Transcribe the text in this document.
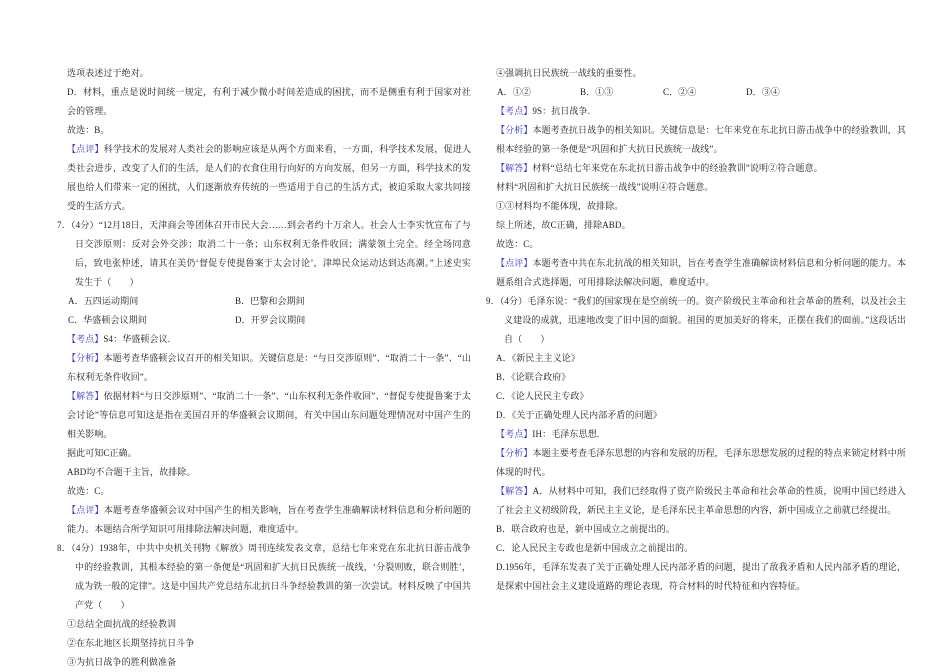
选项表述过于绝对。

D．材料，重点是说时间统一规定，有利于减少微小时间差造成的困扰，而不是侧重有利于国家对社会的管理。

故选：B。

【点评】科学技术的发展对人类社会的影响应该是从两个方面来看，一方面，科学技术发展，促进人类社会进步，改变了人们的生活，是人们的衣食住用行向好的方向发展，但另一方面，科学技术的发展也给人们带来一定的困扰，人们逐渐放弃传统的一些适用于自己的生活方式，被迫采取大家共同接受的生活方式。

7．（4分）“12月18日，天津商会等团体召开市民大会……到会者约十万余人。社会人士李实忱宣布了与日交涉原则：反对会外交涉；取消二十一条；山东权利无条件收回；满蒙领土完全。经全场同意后，致电张仲述，请其在美仍‘督促专使提鲁案于太会讨论’，津埠民众运动达到达高潮。”上述史实发生于（　　）

A．五四运动期间	B．巴黎和会期间
C．华盛顿会议期间	D．开罗会议期间

【考点】S4：华盛顿会议.

【分析】本题考查华盛顿会议召开的相关知识。关键信息是：“与日交涉原则”、“取消二十一条”、“山东权利无条件收回”。

【解答】依据材料“与日交涉原则”、“取消二十一条”、“山东权利无条件收回”、“督促专使提鲁案于太会讨论”等信息可知这是指在美国召开的华盛顿会议期间，有关中国山东问题处理情况对中国产生的相关影响。

据此可知C正确。

ABD均不合题干主旨，故排除。

故选：C。

【点评】本题考查华盛顿会议对中国产生的相关影响，旨在考查学生准确解读材料信息和分析问题的能力。本题结合所学知识可用排除法解决问题，难度适中。

8．（4分）1938年，中共中央机关刊物《解放》周刊连续发表文章，总结七年来党在东北抗日游击战争中的经验教训，其根本经验的第一条便是“巩固和扩大抗日民族统一战线，‘分裂则败，联合则胜’，成为铁一般的定律”。这是中国共产党总结东北抗日斗争经验教训的第一次尝试。材料反映了中国共产党（　　）

①总结全面抗战的经验教训

②在东北地区长期坚持抗日斗争

③为抗日战争的胜利做准备

④强调抗日民族统一战线的重要性。

A．①②	B．①③	C．②④	D．③④

【考点】9S：抗日战争.

【分析】本题考查抗日战争的相关知识。关键信息是：七年来党在东北抗日游击战争中的经验教训，其根本经验的第一条便是“巩固和扩大抗日民族统一战线”。

【解答】材料“总结七年来党在东北抗日游击战争中的经验教训”说明②符合题意。

材料“巩固和扩大抗日民族统一战线”说明④符合题意。

①③材料均不能体现，故排除。

综上所述，故C正确，排除ABD。

故选：C。

【点评】本题考查中共在东北抗战的相关知识，旨在考查学生准确解读材料信息和分析问题的能力。本题系组合式选择题，可用排除法解决问题，难度适中。

9．（4分）毛泽东说：“我们的国家现在是空前统一的。资产阶级民主革命和社会革命的胜利，以及社会主义建设的成就，迅速地改变了旧中国的面貌。祖国的更加美好的将来，正摆在我们的面前。”这段话出自（　　）

A．《新民主主义论》

B．《论联合政府》

C．《论人民民主专政》

D．《关于正确处理人民内部矛盾的问题》

【考点】IH：毛泽东思想.

【分析】本题主要考查毛泽东思想的内容和发展的历程，毛泽东思想发展的过程的特点来锁定材料中所体现的时代。

【解答】A．从材料中可知，我们已经取得了资产阶级民主革命和社会革命的性质，说明中国已经进入了社会主义初级阶段，新民主主义论，是毛泽东民主革命思想的内容，新中国成立之前就已经提出。

B．联合政府也是，新中国成立之前提出的。

C．论人民民主专政也是新中国成立之前提出的。

D.1956年，毛泽东发表了关于正确处理人民内部矛盾的问题，提出了敌我矛盾和人民内部矛盾的理论，是探索中国社会主义建设道路的理论表现，符合材料的时代特征和内容特征。
